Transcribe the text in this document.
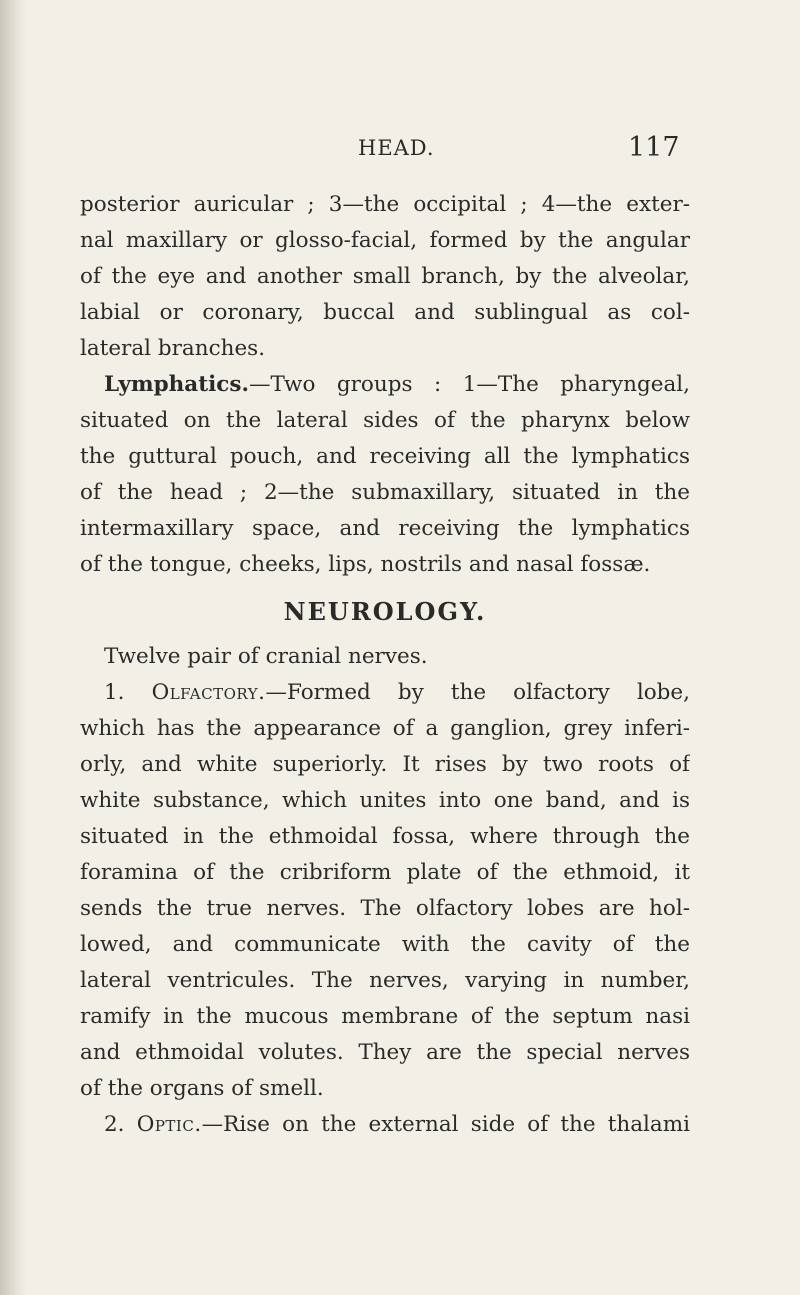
HEAD.	117
posterior auricular ; 3—the occipital ; 4—the exter-
nal maxillary or glosso-facial, formed by the angular
of the eye and another small branch, by the alveolar,
labial or coronary, buccal and sublingual as col-
lateral branches.
Lymphatics.—Two groups : 1—The pharyngeal,
situated on the lateral sides of the pharynx below
the guttural pouch, and receiving all the lymphatics
of the head ; 2—the submaxillary, situated in the
intermaxillary space, and receiving the lymphatics
of the tongue, cheeks, lips, nostrils and nasal fossæ.
NEUROLOGY.
Twelve pair of cranial nerves.
1. Olfactory.—Formed by the olfactory lobe,
which has the appearance of a ganglion, grey inferi-
orly, and white superiorly. It rises by two roots of
white substance, which unites into one band, and is
situated in the ethmoidal fossa, where through the
foramina of the cribriform plate of the ethmoid, it
sends the true nerves. The olfactory lobes are hol-
lowed, and communicate with the cavity of the
lateral ventricules. The nerves, varying in number,
ramify in the mucous membrane of the septum nasi
and ethmoidal volutes. They are the special nerves
of the organs of smell.
2. Optic.—Rise on the external side of the thalami
